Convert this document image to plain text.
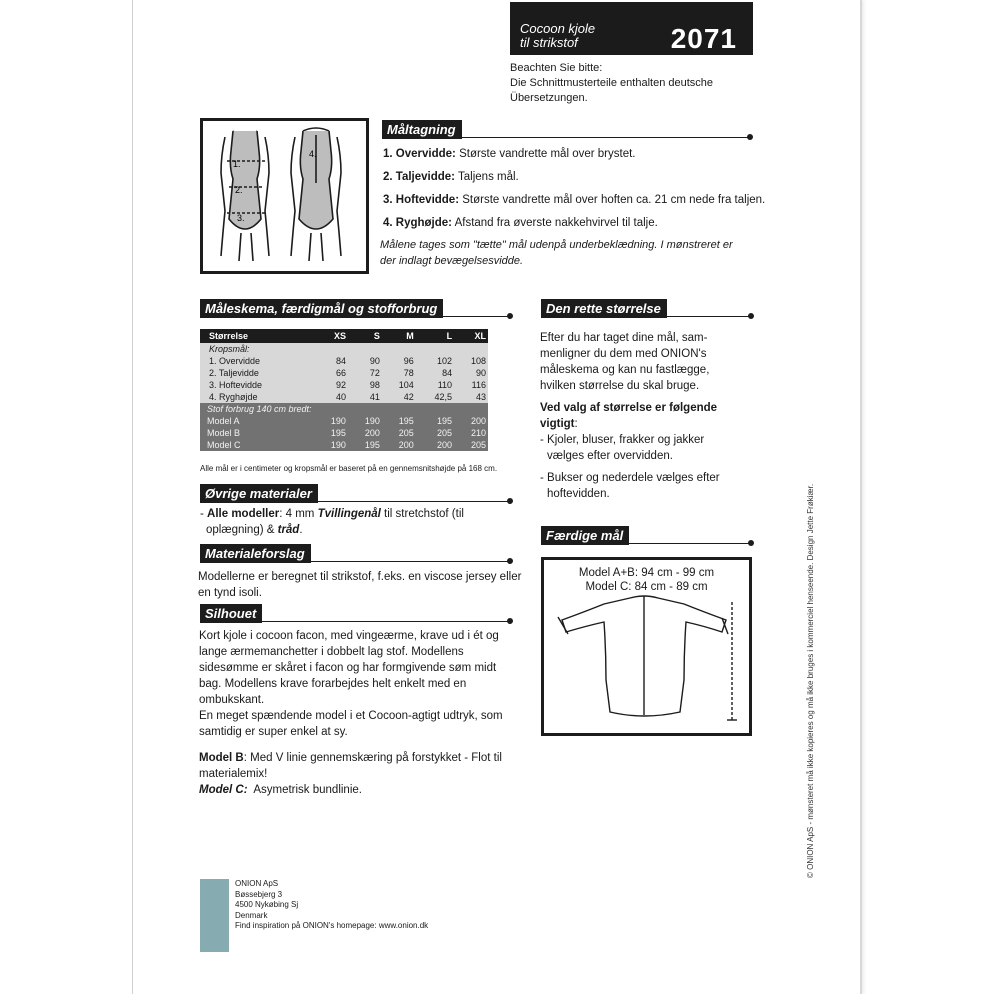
Cocoon kjole
til strikstof	2071
Beachten Sie bitte:
Die Schnittmusterteile enthalten deutsche
Übersetzungen.
1.
2.
3.
4.
Måltagning
1. Overvidde: Største vandrette mål over brystet.
2. Taljevidde: Taljens mål.
3. Hoftevidde: Største vandrette mål over hoften ca. 21 cm nede fra taljen.
4. Ryghøjde: Afstand fra øverste nakkehvirvel til talje.
Målene tages som "tætte" mål udenpå underbeklædning. I mønstreret er
der indlagt bevægelsesvidde.
Måleskema, færdigmål og stofforbrug
Størrelse	XS	S	M	L	XL
Kropsmål:					
1. Overvidde	84	90	96	102	108
2. Taljevidde	66	72	78	84	90
3. Hoftevidde	92	98	104	110	116
4. Ryghøjde	40	41	42	42,5	43
Stof forbrug 140 cm bredt:					
Model A	190	190	195	195	200
Model B	195	200	205	205	210
Model C	190	195	200	200	205
Alle mål er i centimeter og kropsmål er baseret på en gennemsnitshøjde på 168 cm.
Øvrige materialer
- Alle modeller: 4 mm Tvillingenål til stretchstof (til
oplægning) & tråd.
Materialeforslag
Modellerne er beregnet til strikstof, f.eks. en viscose jersey eller
en tynd isoli.
Silhouet
Kort kjole i cocoon facon, med vingeærme, krave ud i ét og
lange ærmemanchetter i dobbelt lag stof. Modellens
sidesømme er skåret i facon og har formgivende søm midt
bag. Modellens krave forarbejdes helt enkelt med en
ombukskant.
En meget spændende model i et Cocoon-agtigt udtryk, som
samtidig er super enkel at sy.
Model B: Med V linie gennemskæring på forstykket - Flot til
materialemix!
Model C:  Asymetrisk bundlinie.
Den rette størrelse
Efter du har taget dine mål, sam-
menligner du dem med ONION's
måleskema og kan nu fastlægge,
hvilken størrelse du skal bruge.
Ved valg af størrelse er følgende
vigtigt:
- Kjoler, bluser, frakker og jakker
vælges efter overvidden.
- Bukser og nederdele vælges efter
hoftevidden.
Færdige mål
Model A+B: 94 cm - 99 cm
Model C: 84 cm - 89 cm
ONION ApS
Bøssebjerg 3
4500 Nykøbing Sj
Denmark
Find inspiration på ONION's homepage: www.onion.dk
© ONION ApS - mønsteret må ikke kopieres og må ikke bruges i kommerciel henseende. Design Jette Frøkiær.
